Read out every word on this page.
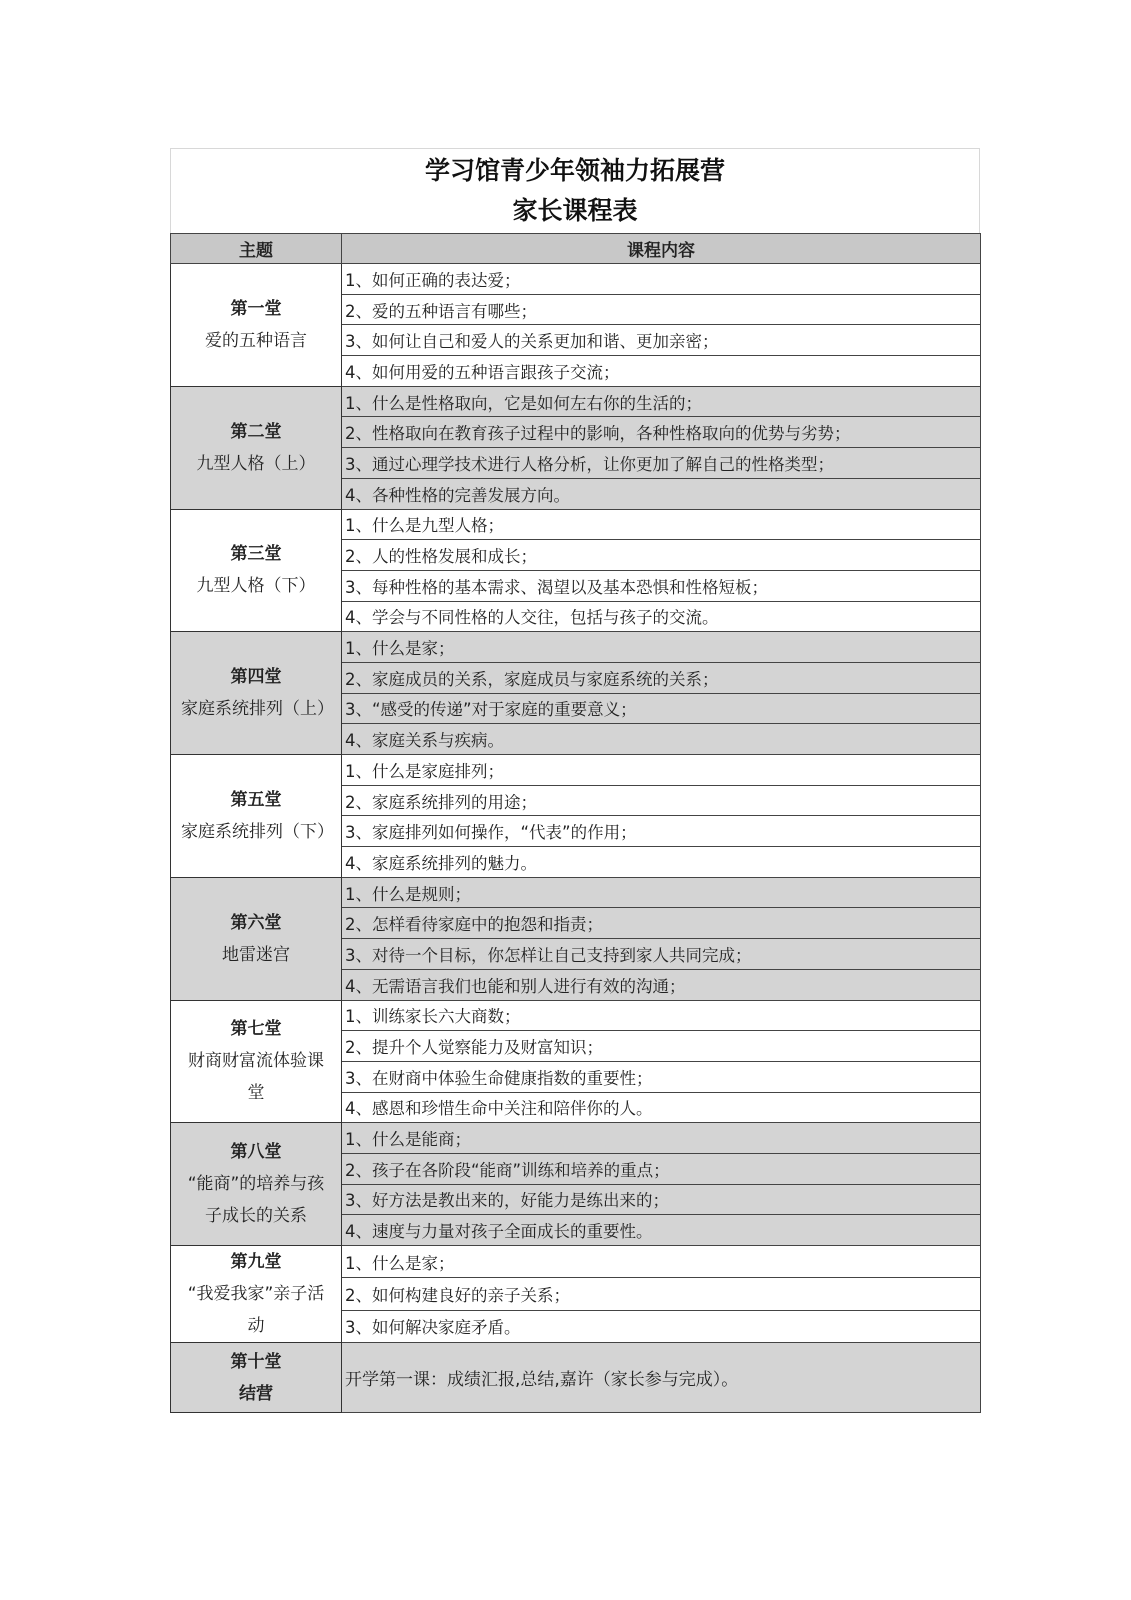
学习馆青少年领袖力拓展营
家长课程表
主题	课程内容

第一堂
爱的五种语言	1、如何正确的表达爱；
	2、爱的五种语言有哪些；
	3、如何让自己和爱人的关系更加和谐、更加亲密；
	4、如何用爱的五种语言跟孩子交流；

第二堂
九型人格（上）	1、什么是性格取向，它是如何左右你的生活的；
	2、性格取向在教育孩子过程中的影响，各种性格取向的优势与劣势；
	3、通过心理学技术进行人格分析，让你更加了解自己的性格类型；
	4、各种性格的完善发展方向。

第三堂
九型人格（下）	1、什么是九型人格；
	2、人的性格发展和成长；
	3、每种性格的基本需求、渴望以及基本恐惧和性格短板；
	4、学会与不同性格的人交往，包括与孩子的交流。

第四堂
家庭系统排列（上）	1、什么是家；
	2、家庭成员的关系，家庭成员与家庭系统的关系；
	3、“感受的传递”对于家庭的重要意义；
	4、家庭关系与疾病。

第五堂
家庭系统排列（下）	1、什么是家庭排列；
	2、家庭系统排列的用途；
	3、家庭排列如何操作，“代表”的作用；
	4、家庭系统排列的魅力。

第六堂
地雷迷宫	1、什么是规则；
	2、怎样看待家庭中的抱怨和指责；
	3、对待一个目标，你怎样让自己支持到家人共同完成；
	4、无需语言我们也能和别人进行有效的沟通；

第七堂
财商财富流体验课堂	1、训练家长六大商数；
	2、提升个人觉察能力及财富知识；
	3、在财商中体验生命健康指数的重要性；
	4、感恩和珍惜生命中关注和陪伴你的人。

第八堂
“能商”的培养与孩子成长的关系	1、什么是能商；
	2、孩子在各阶段“能商”训练和培养的重点；
	3、好方法是教出来的，好能力是练出来的；
	4、速度与力量对孩子全面成长的重要性。

第九堂
“我爱我家”亲子活动	1、什么是家；
	2、如何构建良好的亲子关系；
	3、如何解决家庭矛盾。

第十堂
结营	开学第一课：成绩汇报,总结,嘉许（家长参与完成）。
